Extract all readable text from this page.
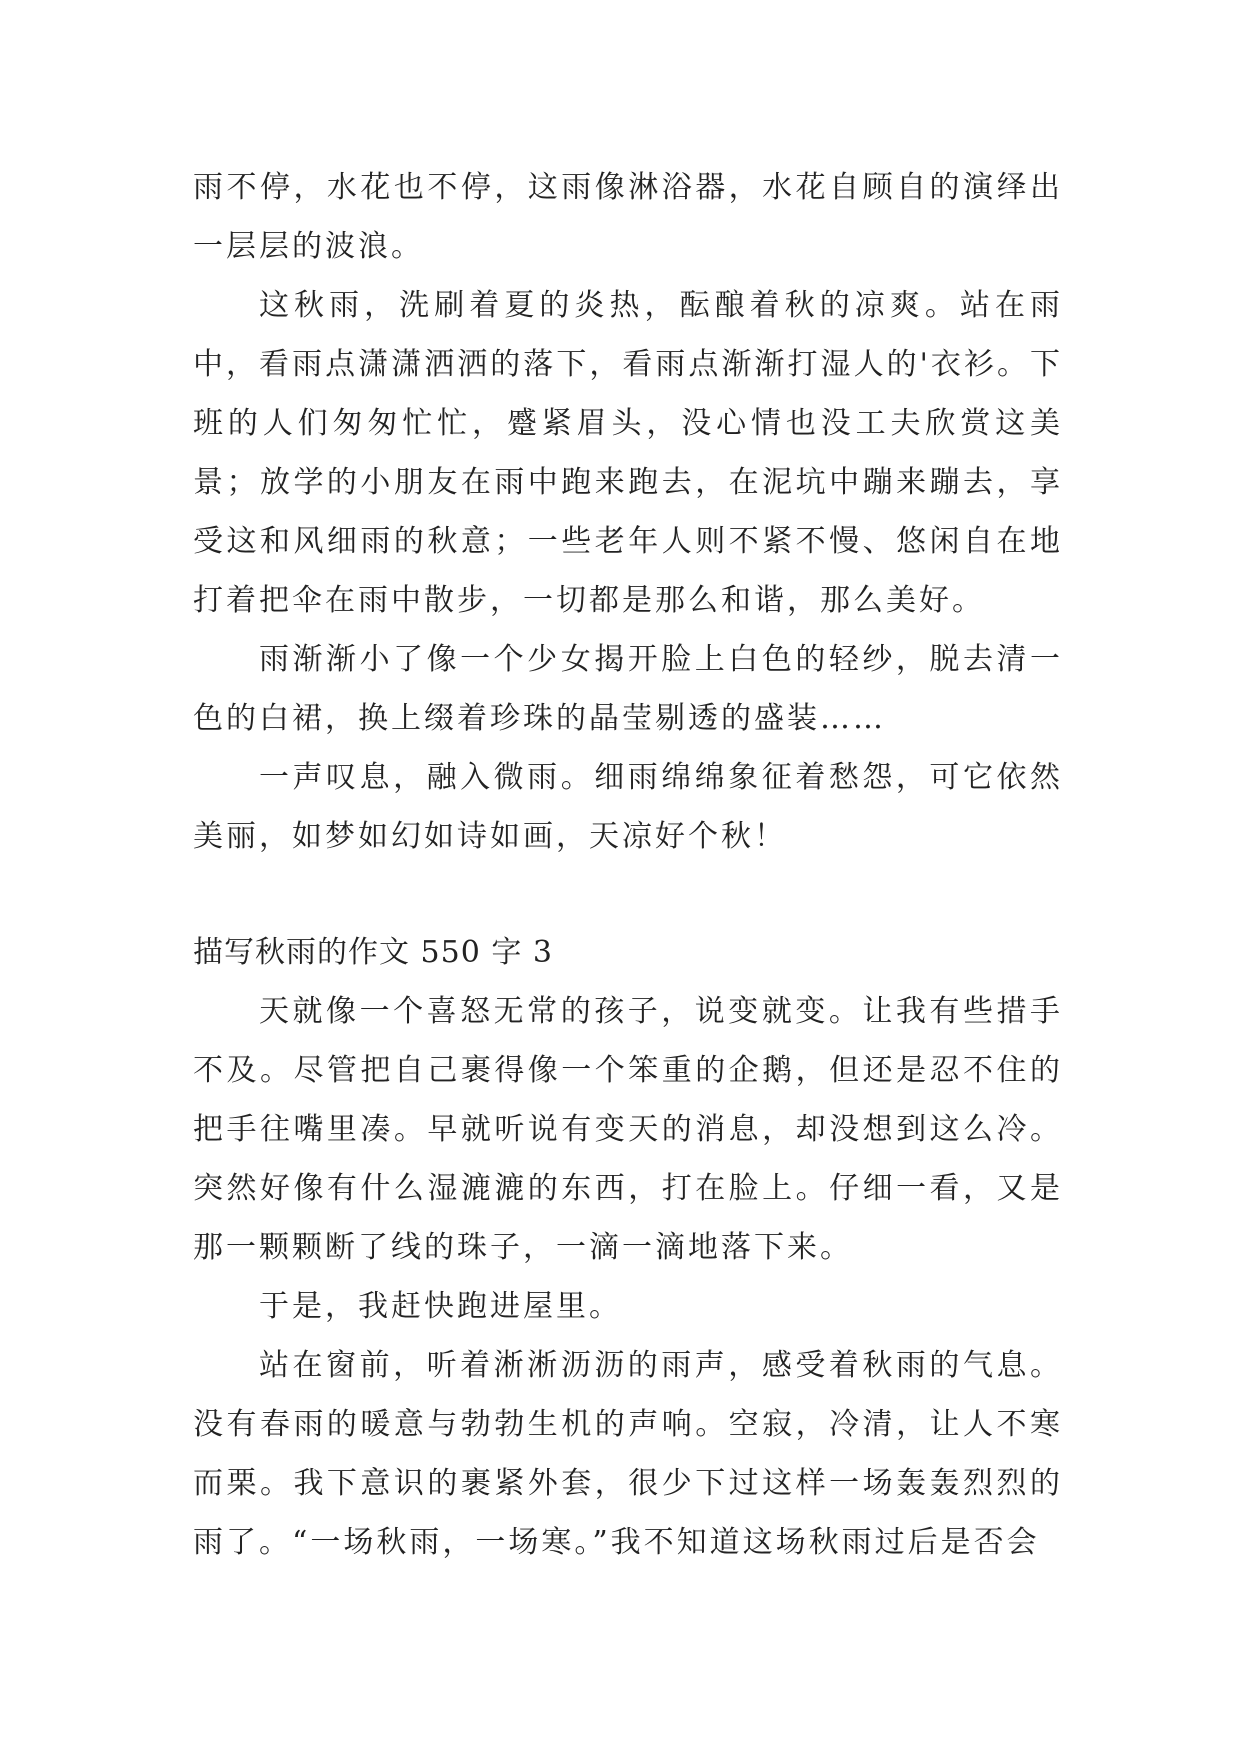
雨不停，水花也不停，这雨像淋浴器，水花自顾自的演绎出一层层的波浪。

这秋雨，洗刷着夏的炎热，酝酿着秋的凉爽。站在雨中，看雨点潇潇洒洒的落下，看雨点渐渐打湿人的'衣衫。下班的人们匆匆忙忙，蹙紧眉头，没心情也没工夫欣赏这美景；放学的小朋友在雨中跑来跑去，在泥坑中蹦来蹦去，享受这和风细雨的秋意；一些老年人则不紧不慢、悠闲自在地打着把伞在雨中散步，一切都是那么和谐，那么美好。

雨渐渐小了像一个少女揭开脸上白色的轻纱，脱去清一色的白裙，换上缀着珍珠的晶莹剔透的盛装……

一声叹息，融入微雨。细雨绵绵象征着愁怨，可它依然美丽，如梦如幻如诗如画，天凉好个秋！

描写秋雨的作文 550 字 3

天就像一个喜怒无常的孩子，说变就变。让我有些措手不及。尽管把自己裹得像一个笨重的企鹅，但还是忍不住的把手往嘴里凑。早就听说有变天的消息，却没想到这么冷。突然好像有什么湿漉漉的东西，打在脸上。仔细一看，又是那一颗颗断了线的珠子，一滴一滴地落下来。

于是，我赶快跑进屋里。

站在窗前，听着淅淅沥沥的雨声，感受着秋雨的气息。没有春雨的暖意与勃勃生机的声响。空寂，冷清，让人不寒而栗。我下意识的裹紧外套，很少下过这样一场轰轰烈烈的雨了。“一场秋雨，一场寒。”我不知道这场秋雨过后是否会
